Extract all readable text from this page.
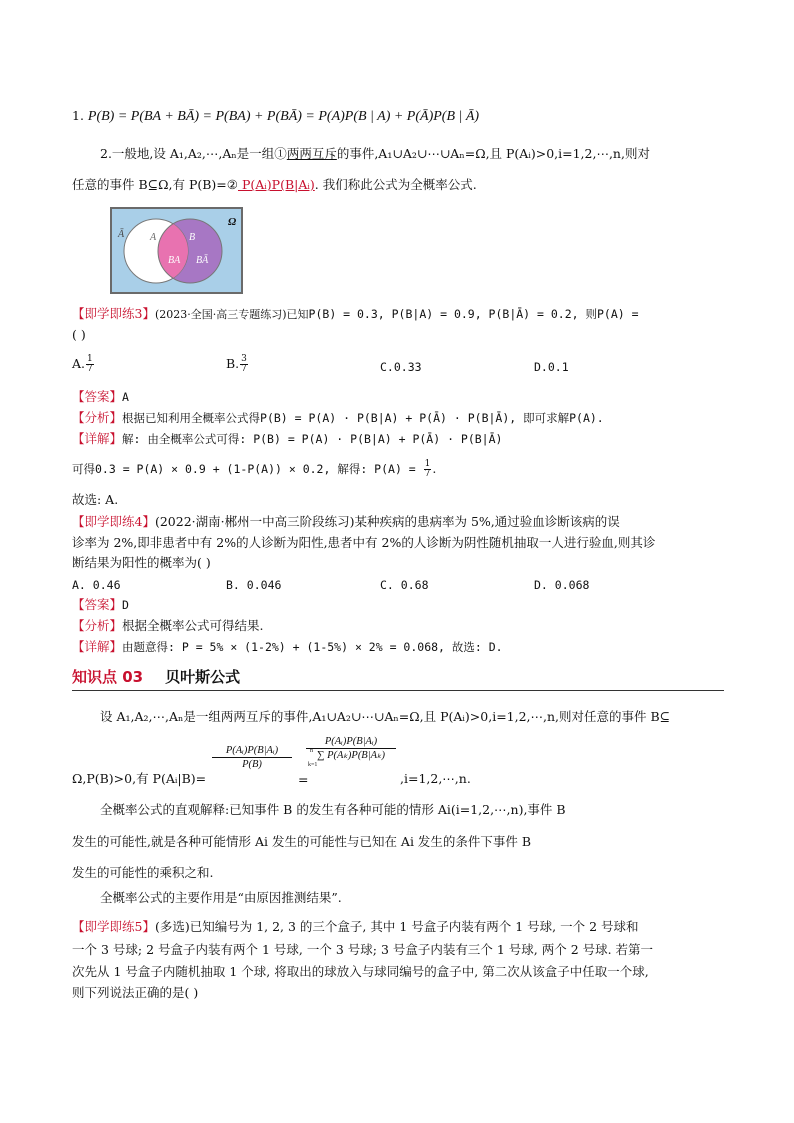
1. P(B) = P(BA + BĀ) = P(BA) + P(BĀ) = P(A)P(B | A) + P(Ā)P(B | Ā)
2.一般地,设 A₁,A₂,⋯,Aₙ是一组①两两互斥的事件,A₁∪A₂∪⋯∪Aₙ=Ω,且 P(Aᵢ)>0,i=1,2,⋯,n,则对
任意的事件 B⊆Ω,有 P(B)=② P(Aᵢ)P(B|Aᵢ). 我们称此公式为全概率公式.
Ω
Ā	A	B
BA BĀ
【即学即练3】(2023·全国·高三专题练习)已知P(B) = 0.3, P(B|A) = 0.9, P(B|Ā) = 0.2, 则P(A) =
( )
A. $\frac{1}{7}$	B. $\frac{3}{7}$	C.0.33	D.0.1
【答案】A
【分析】根据已知利用全概率公式得P(B) = P(A) · P(B|A) + P(Ā) · P(B|Ā), 即可求解P(A).
【详解】解: 由全概率公式可得: P(B) = P(A) · P(B|A) + P(Ā) · P(B|Ā)
可得0.3 = P(A) × 0.9 + (1-P(A)) × 0.2, 解得: $P(A) = \frac{1}{7}$ .
故选: A.
【即学即练4】(2022·湖南·郴州一中高三阶段练习)某种疾病的患病率为 5%,通过验血诊断该病的误
诊率为 2%,即非患者中有 2%的人诊断为阳性,患者中有 2%的人诊断为阴性随机抽取一人进行验血,则其诊
断结果为阳性的概率为( )
A. 0.46	B. 0.046	C. 0.68	D. 0.068
【答案】D
【分析】根据全概率公式可得结果.
【详解】由题意得: P = 5% × (1-2%) + (1-5%) × 2% = 0.068, 故选: D.
知识点 03 贝叶斯公式
设 A₁,A₂,⋯,Aₙ是一组两两互斥的事件,A₁∪A₂∪⋯∪Aₙ=Ω,且 P(Aᵢ)>0,i=1,2,⋯,n,则对任意的事件 B⊆
Ω,P(B)>0,有 P(Aᵢ|B)=
P(Aᵢ)P(B|Aᵢ)
P(B)
=
P(Aᵢ)P(B|Aᵢ)
n ∑ P(Aₖ)P(B|Aₖ)
k=1
,i=1,2,⋯,n.
全概率公式的直观解释:已知事件 B 的发生有各种可能的情形 Ai(i=1,2,⋯,n),事件 B
发生的可能性,就是各种可能情形 Ai 发生的可能性与已知在 Ai 发生的条件下事件 B
发生的可能性的乘积之和.
全概率公式的主要作用是“由原因推测结果”.
【即学即练5】(多选)已知编号为 1, 2, 3 的三个盒子, 其中 1 号盒子内装有两个 1 号球, 一个 2 号球和
一个 3 号球; 2 号盒子内装有两个 1 号球, 一个 3 号球; 3 号盒子内装有三个 1 号球, 两个 2 号球. 若第一
次先从 1 号盒子内随机抽取 1 个球, 将取出的球放入与球同编号的盒子中, 第二次从该盒子中任取一个球,
则下列说法正确的是( )
